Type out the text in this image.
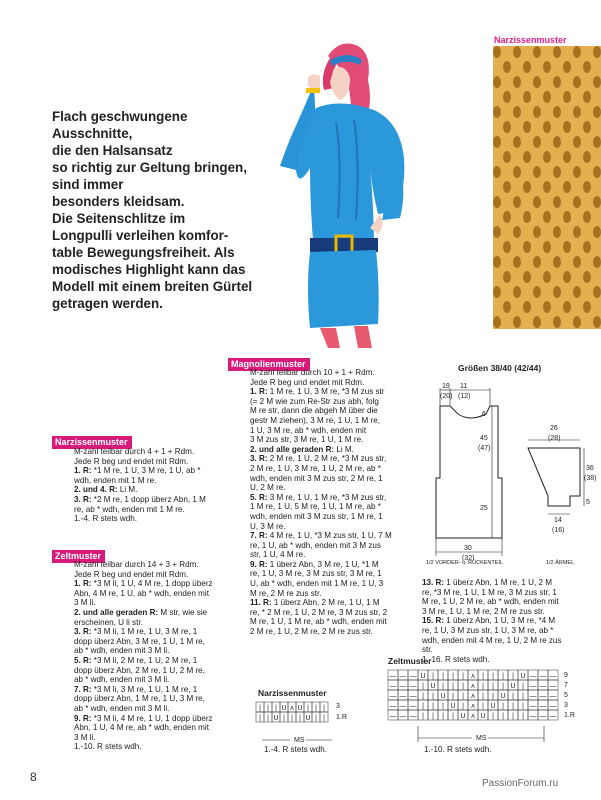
Flach geschwungene
Ausschnitte,
die den Halsansatz
so richtig zur Geltung bringen,
sind immer
besonders kleidsam.
Die Seitenschlitze im
Longpulli verleihen komfor-
table Bewegungsfreiheit. Als
modisches Highlight kann das
Modell mit einem breiten Gürtel
getragen werden.
Narzissenmuster
Narzissenmuster

M-zahl teilbar durch 4 + 1 + Rdm.

Jede R beg und endet mit Rdm.

1. R: *1 M re, 1 U, 3 M re, 1 U, ab *

wdh, enden mit 1 M re.

2. und 4. R: Li M.

3. R: *2 M re, 1 dopp überz Abn, 1 M

re, ab * wdh, enden mit 1 M re.

1.-4. R stets wdh.

Zeltmuster

M-zahl teilbar durch 14 + 3 + Rdm.

Jede R beg und endet mit Rdm.

1. R: *3 M li, 1 U, 4 M re, 1 dopp überz

Abn, 4 M re, 1 U, ab * wdh, enden mit

3 M li.

2. und alle geraden R: M str, wie sie

erscheinen, U li str.

3. R: *3 M li, 1 M re, 1 U, 3 M re, 1

dopp überz Abn, 3 M re, 1 U, 1 M re,

ab * wdh, enden mit 3 M li.

5. R: *3 M li, 2 M re, 1 U, 2 M re, 1

dopp überz Abn, 2 M re, 1 U, 2 M re,

ab * wdh, enden mit 3 M li.

7. R: *3 M li, 3 M re, 1 U, 1 M re, 1

dopp überz Abn, 1 M re, 1 U, 3 M re,

ab * wdh, enden mit 3 M li.

9. R: *3 M li, 4 M re, 1 U, 1 dopp überz

Abn, 1 U, 4 M re, ab * wdh, enden mit

3 M li.

1.-10. R stets wdh.

Magnolienmuster

M-zahl teilbar durch 10 + 1 + Rdm.

Jede R beg und endet mit Rdm.

1. R: 1 M re, 1 U, 3 M re, *3 M zus str

(= 2 M wie zum Re-Str zus abh, folg

M re str, dann die abgeh M über die

gestr M ziehen), 3 M re, 1 U, 1 M re,

1 U, 3 M re, ab * wdh, enden mit

3 M zus str, 3 M re, 1 U, 1 M re.

2. und alle geraden R: Li M.

3. R: 2 M re, 1 U, 2 M re, *3 M zus str,

2 M re, 1 U, 3 M re, 1 U, 2 M re, ab *

wdh, enden mit 3 M zus str, 2 M re, 1

U, 2 M re.

5. R: 3 M re, 1 U, 1 M re, *3 M zus str,

1 M re, 1 U, 5 M re, 1 U, 1 M re, ab *

wdh, enden mit 3 M zus str, 1 M re, 1

U, 3 M re.

7. R: 4 M re, 1 U, *3 M zus str, 1 U, 7 M

re, 1 U, ab * wdh, enden mit 3 M zus

str, 1 U, 4 M re.

9. R: 1 überz Abn, 3 M re, 1 U, *1 M

re, 1 U, 3 M re, 3 M zus str, 3 M re, 1

U, ab * wdh, enden mit 1 M re, 1 U, 3

M re, 2 M re zus str.

11. R: 1 überz Abn, 2 M re, 1 U, 1 M

re, * 2 M re, 1 U, 2 M re, 3 M zus str, 2

M re, 1 U, 1 M re, ab * wdh, enden mit

2 M re, 1 U, 2 M re, 2 M re zus str.

Größen 38/40 (42/44)
19
(20)
11
(12)
6
45
(47)
25
30
(32)
26
(28)
36
(38)
5
14
(16)
1/2 VORDER- u. RÜCKENTEIL	1/2 ÄRMEL

13. R: 1 überz Abn, 1 M re, 1 U, 2 M

re, *3 M re, 1 U, 1 M re, 3 M zus str, 1

M re, 1 U, 2 M re, ab * wdh, enden mit

3 M re, 1 U, 1 M re, 2 M re zus str.

15. R: 1 überz Abn, 1 U, 3 M re, *4 M

re, 1 U, 3 M zus str, 1 U, 3 M re, ab *

wdh, enden mit 4 M re, 1 U, 2 M re zus

str.

1.-16. R stets wdh.

Narzissenmuster
3
1.R
MS
| | | U ʌ U | | |
| | U | | | U | |
1.-4. R stets wdh.
Zeltmuster
9
7
5
3
1.R
MS
— — — U | | | | ʌ | | | | U — — —
— — — | U | | | ʌ | | | U | — — —
— — — | | U | | ʌ | | U | | — — —
— — — | | | U | ʌ | U | | | — — —
— — — | | | | U ʌ U | | | | — — —
1.-10. R stets wdh.
8	PassionForum.ru
